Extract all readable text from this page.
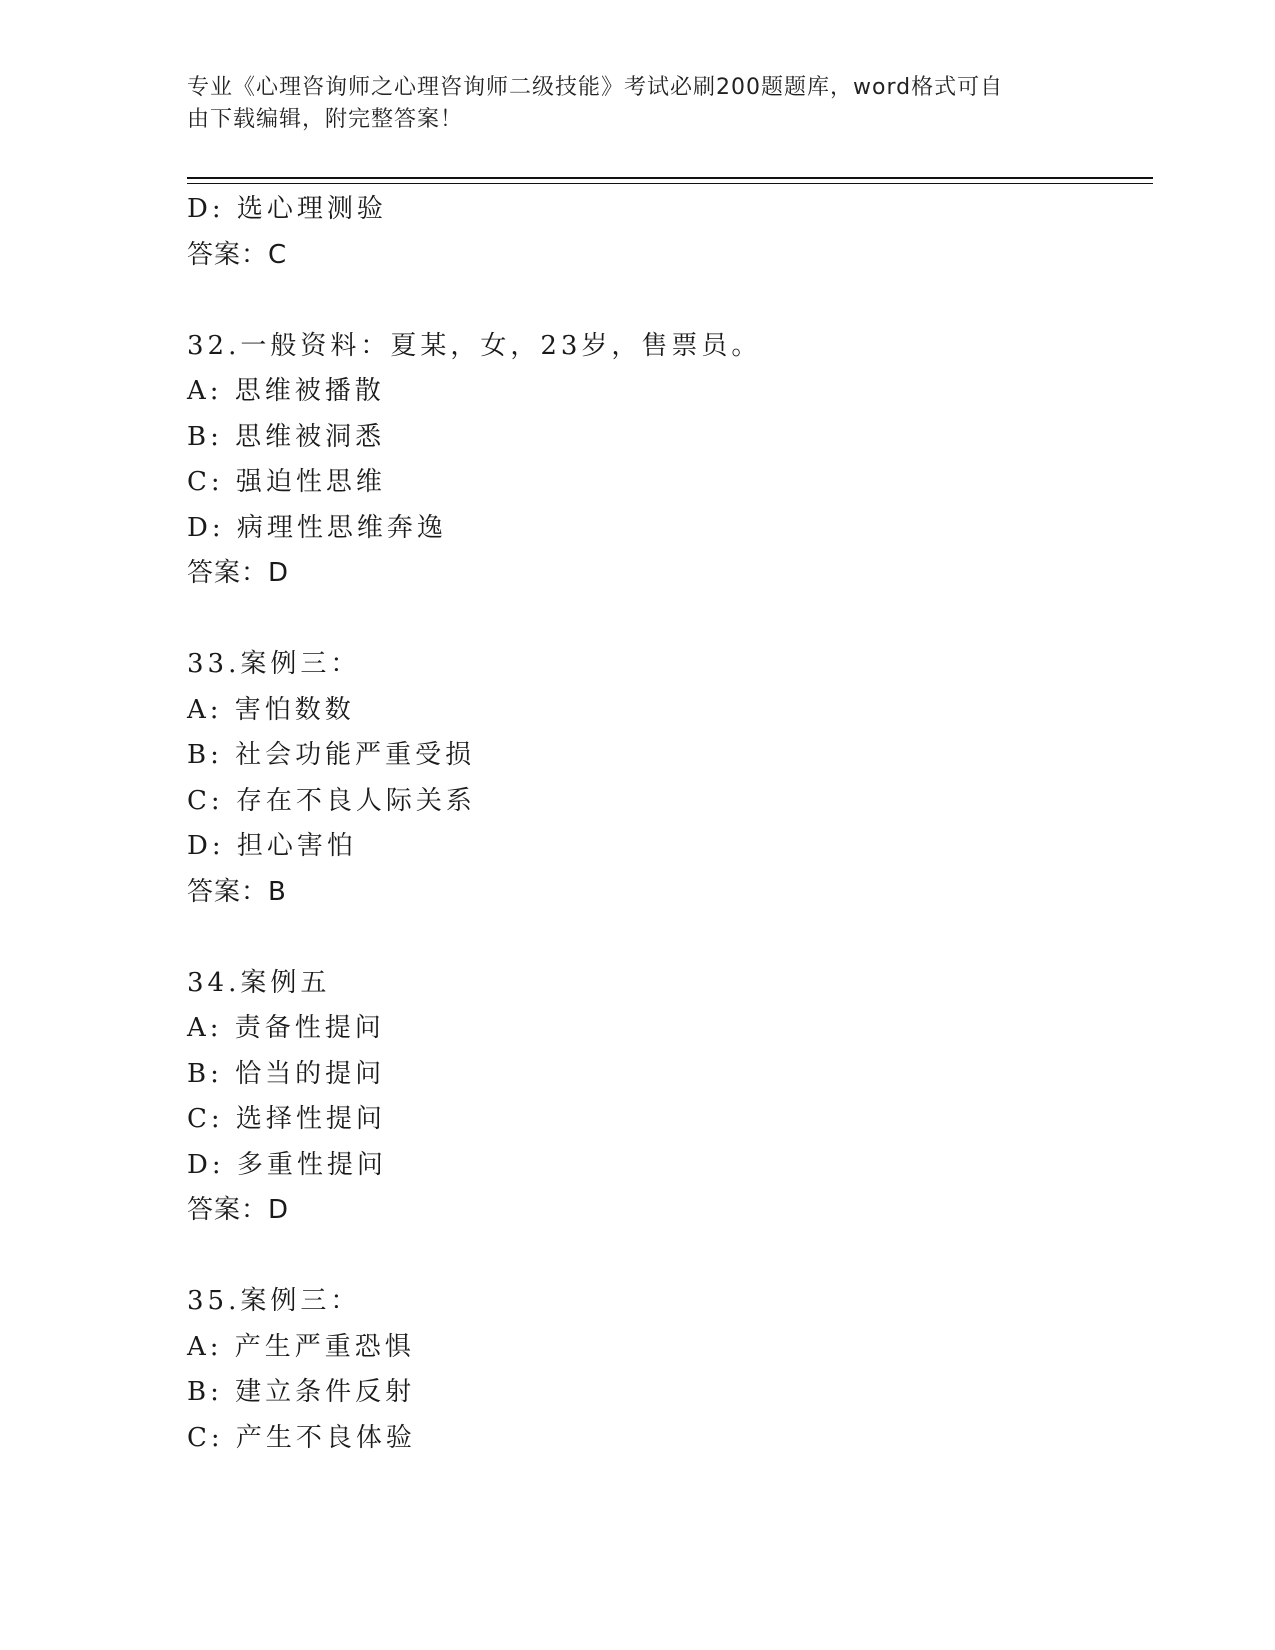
专业《心理咨询师之心理咨询师二级技能》考试必刷200题题库，word格式可自
由下载编辑，附完整答案！
D: 选心理测验
答案：C
32.一般资料：夏某，女，23岁，售票员。
A: 思维被播散
B: 思维被洞悉
C: 强迫性思维
D: 病理性思维奔逸
答案：D
33.案例三：
A: 害怕数数
B: 社会功能严重受损
C: 存在不良人际关系
D: 担心害怕
答案：B
34.案例五
A: 责备性提问
B: 恰当的提问
C: 选择性提问
D: 多重性提问
答案：D
35.案例三：
A: 产生严重恐惧
B: 建立条件反射
C: 产生不良体验
